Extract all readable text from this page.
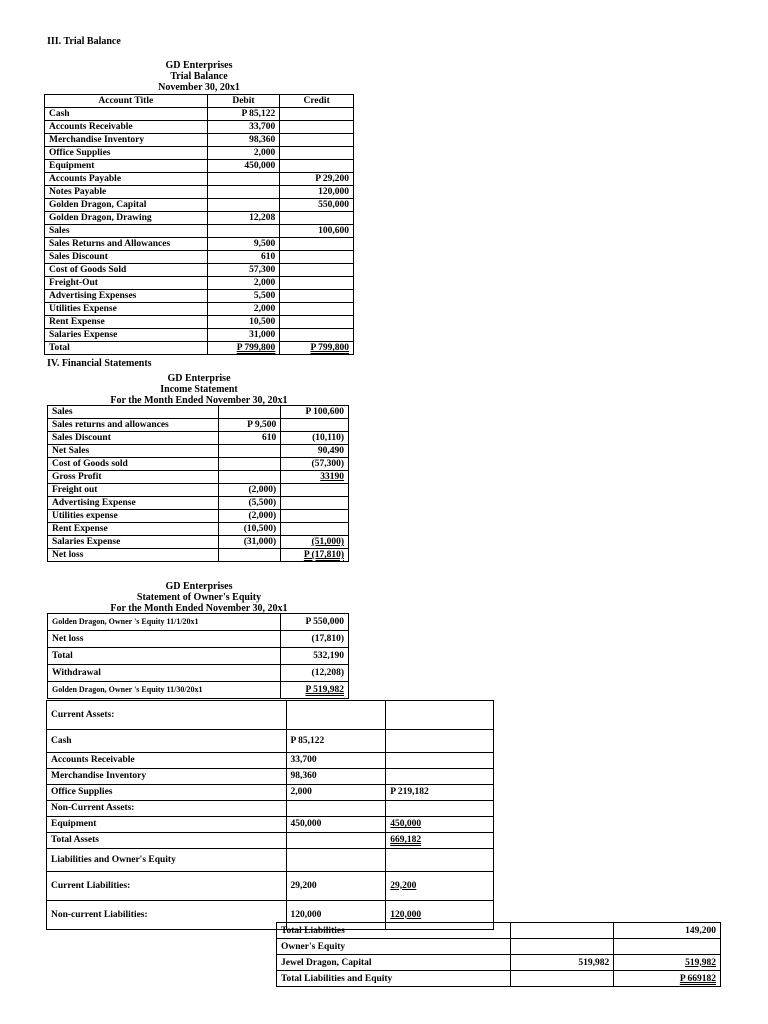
III. Trial Balance
GD Enterprises
Trial Balance
November 30, 20x1
Account Title	Debit	Credit
Cash	P 85,122	
Accounts Receivable	33,700	
Merchandise Inventory	98,360	
Office Supplies	2,000	
Equipment	450,000	
Accounts Payable		P 29,200
Notes Payable		120,000
Golden Dragon, Capital		550,000
Golden Dragon, Drawing	12,208	
Sales		100,600
Sales Returns and Allowances	9,500	
Sales Discount	610	
Cost of Goods Sold	57,300	
Freight-Out	2,000	
Advertising Expenses	5,500	
Utilities Expense	2,000	
Rent Expense	10,500	
Salaries Expense	31,000	
Total	P 799,800	P 799,800
IV. Financial Statements
GD Enterprise
Income Statement
For the Month Ended November 30, 20x1
Sales		P 100,600
Sales returns and allowances	P 9,500	
Sales Discount	610	(10,110)
Net Sales		90,490
Cost of Goods sold		(57,300)
Gross Profit		33190
Freight out	(2,000)	
Advertising Expense	(5,500)	
Utilities expense	(2,000)	
Rent Expense	(10,500)	
Salaries Expense	(31,000)	(51,000)
Net loss		P (17,810)
GD Enterprises
Statement of Owner's Equity
For the Month Ended November 30, 20x1
Golden Dragon, Owner 's Equity 11/1/20x1	P 550,000
Net loss	(17,810)
Total	532,190
Withdrawal	(12,208)
Golden Dragon, Owner 's Equity 11/30/20x1	P 519,982
Current Assets:		
Cash	P 85,122	
Accounts Receivable	33,700	
Merchandise Inventory	98,360	
Office Supplies	2,000	P 219,182
Non-Current Assets:		
Equipment	450,000	450,000
Total Assets		669,182
Liabilities and Owner's Equity		
Current Liabilities:	29,200	29,200
Non-current Liabilities:	120,000	120,000
Total Liabilities		149,200
Owner's Equity		
Jewel Dragon, Capital	519,982	519,982
Total Liabilities and Equity		P 669182
